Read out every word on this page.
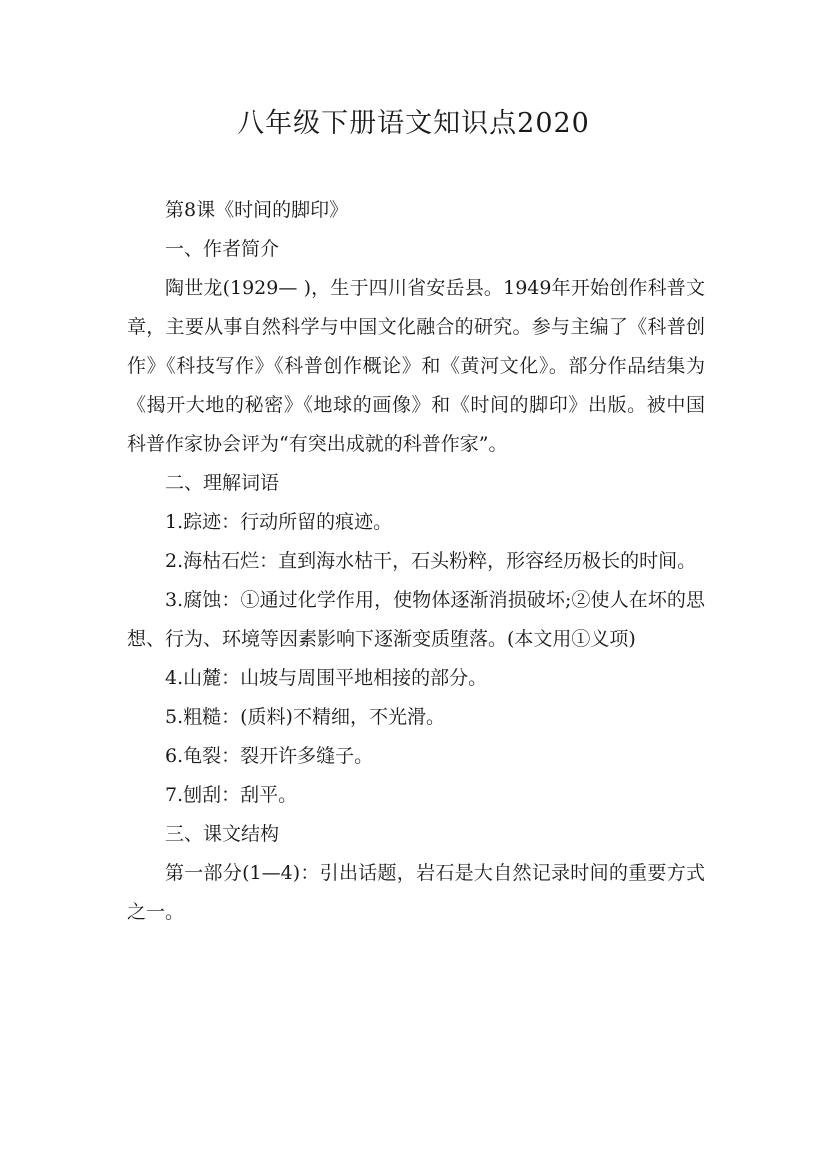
八年级下册语文知识点2020

第8课《时间的脚印》

一、作者简介

陶世龙(1929— )，生于四川省安岳县。1949年开始创作科普文章，主要从事自然科学与中国文化融合的研究。参与主编了《科普创作》《科技写作》《科普创作概论》和《黄河文化》。部分作品结集为《揭开大地的秘密》《地球的画像》和《时间的脚印》出版。被中国科普作家协会评为“有突出成就的科普作家”。

二、理解词语

1.踪迹：行动所留的痕迹。

2.海枯石烂：直到海水枯干，石头粉粹，形容经历极长的时间。

3.腐蚀：①通过化学作用，使物体逐渐消损破坏;②使人在坏的思想、行为、环境等因素影响下逐渐变质堕落。(本文用①义项)

4.山麓：山坡与周围平地相接的部分。

5.粗糙：(质料)不精细，不光滑。

6.龟裂：裂开许多缝子。

7.刨刮：刮平。

三、课文结构

第一部分(1—4)：引出话题，岩石是大自然记录时间的重要方式之一。
